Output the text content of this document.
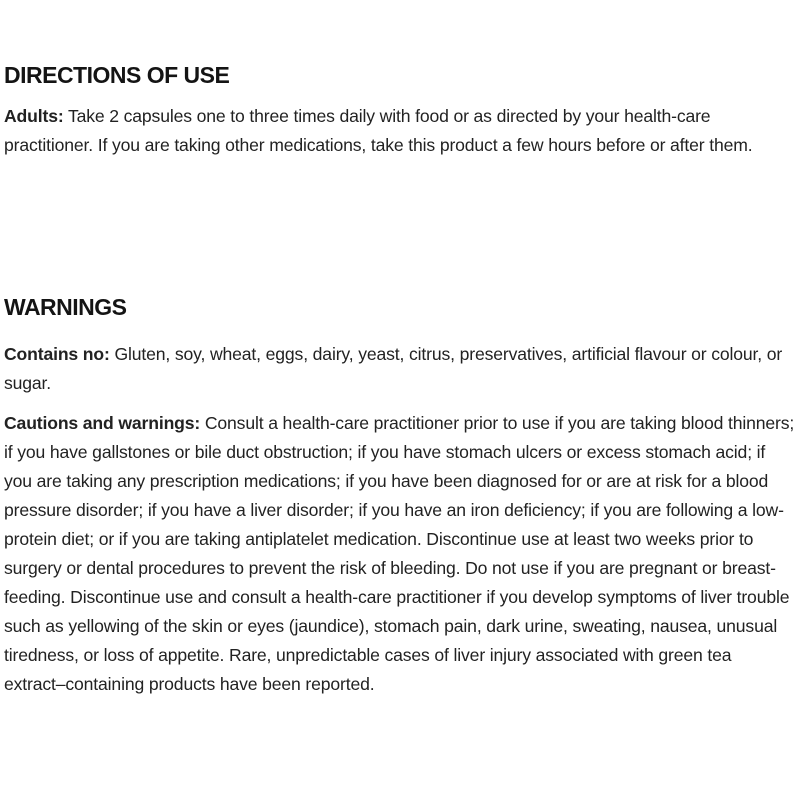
DIRECTIONS OF USE

Adults: Take 2 capsules one to three times daily with food or as directed by your health-care practitioner. If you are taking other medications, take this product a few hours before or after them.

WARNINGS

Contains no: Gluten, soy, wheat, eggs, dairy, yeast, citrus, preservatives, artificial flavour or colour, or sugar.

Cautions and warnings: Consult a health-care practitioner prior to use if you are taking blood thinners; if you have gallstones or bile duct obstruction; if you have stomach ulcers or excess stomach acid; if you are taking any prescription medications; if you have been diagnosed for or are at risk for a blood pressure disorder; if you have a liver disorder; if you have an iron deficiency; if you are following a low-protein diet; or if you are taking antiplatelet medication. Discontinue use at least two weeks prior to surgery or dental procedures to prevent the risk of bleeding. Do not use if you are pregnant or breast-feeding. Discontinue use and consult a health-care practitioner if you develop symptoms of liver trouble such as yellowing of the skin or eyes (jaundice), stomach pain, dark urine, sweating, nausea, unusual tiredness, or loss of appetite. Rare, unpredictable cases of liver injury associated with green tea extract–containing products have been reported.
